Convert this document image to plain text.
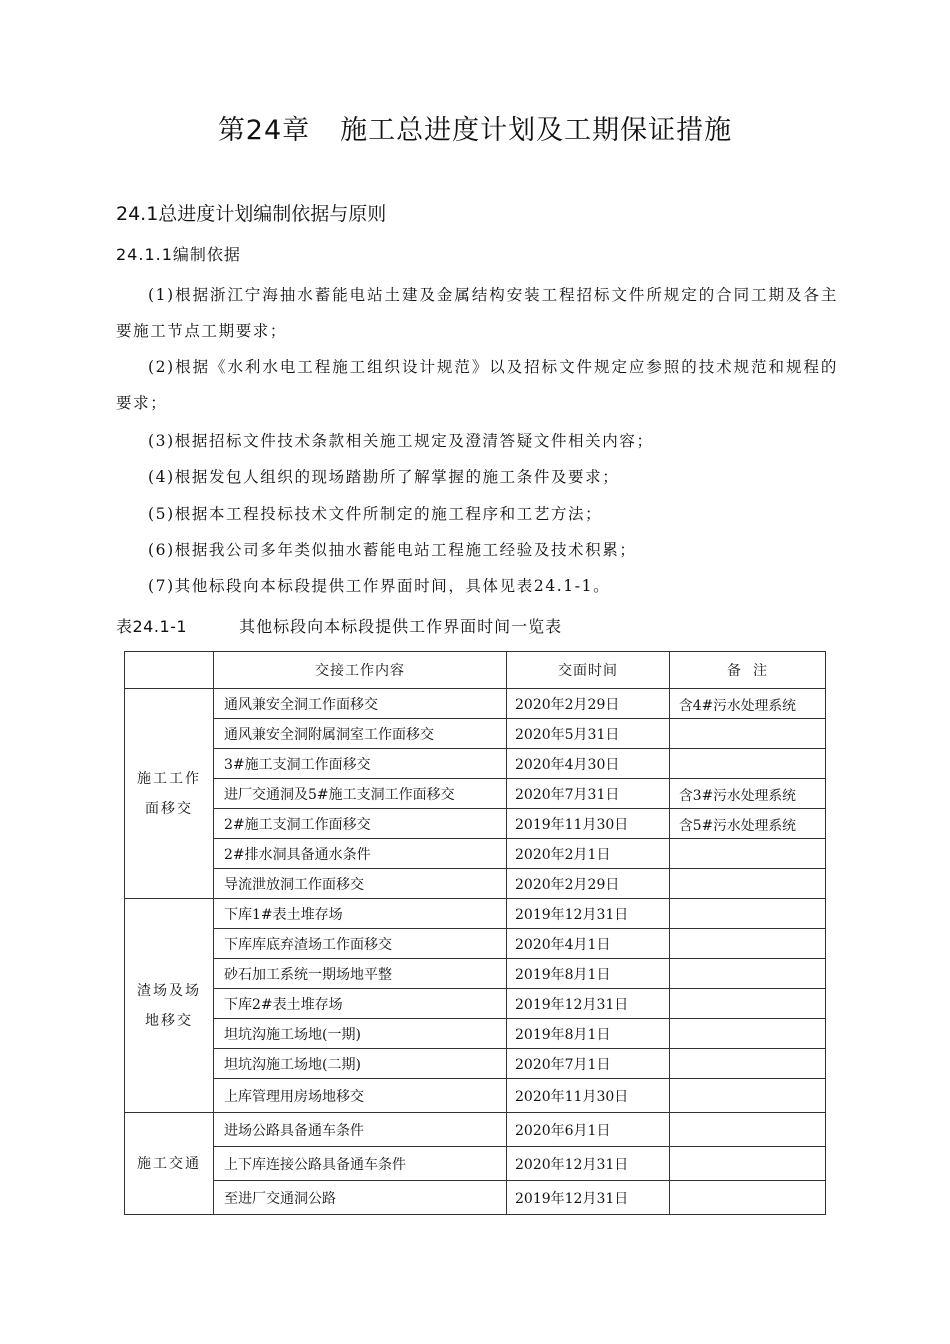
第24章 施工总进度计划及工期保证措施
24.1总进度计划编制依据与原则
24.1.1编制依据
(1)根据浙江宁海抽水蓄能电站土建及金属结构安装工程招标文件所规定的合同工期及各主要施工节点工期要求；
(2)根据《水利水电工程施工组织设计规范》以及招标文件规定应参照的技术规范和规程的要求；
(3)根据招标文件技术条款相关施工规定及澄清答疑文件相关内容；
(4)根据发包人组织的现场踏勘所了解掌握的施工条件及要求；
(5)根据本工程投标技术文件所制定的施工程序和工艺方法；
(6)根据我公司多年类似抽水蓄能电站工程施工经验及技术积累；
(7)其他标段向本标段提供工作界面时间，具体见表24.1-1。
表24.1-1	其他标段向本标段提供工作界面时间一览表
	交接工作内容	交面时间	备  注

施工工作面移交	通风兼安全洞工作面移交	2020年2月29日	含4#污水处理系统
	通风兼安全洞附属洞室工作面移交	2020年5月31日	
	3#施工支洞工作面移交	2020年4月30日	
	进厂交通洞及5#施工支洞工作面移交	2020年7月31日	含3#污水处理系统
	2#施工支洞工作面移交	2019年11月30日	含5#污水处理系统
	2#排水洞具备通水条件	2020年2月1日	
	导流泄放洞工作面移交	2020年2月29日	

渣场及场地移交	下库1#表土堆存场	2019年12月31日	
	下库库底弃渣场工作面移交	2020年4月1日	
	砂石加工系统一期场地平整	2019年8月1日	
	下库2#表土堆存场	2019年12月31日	
	坦坑沟施工场地(一期)	2019年8月1日	
	坦坑沟施工场地(二期)	2020年7月1日	
	上库管理用房场地移交	2020年11月30日	

施工交通	进场公路具备通车条件	2020年6月1日	
	上下库连接公路具备通车条件	2020年12月31日	
	至进厂交通洞公路	2019年12月31日	
